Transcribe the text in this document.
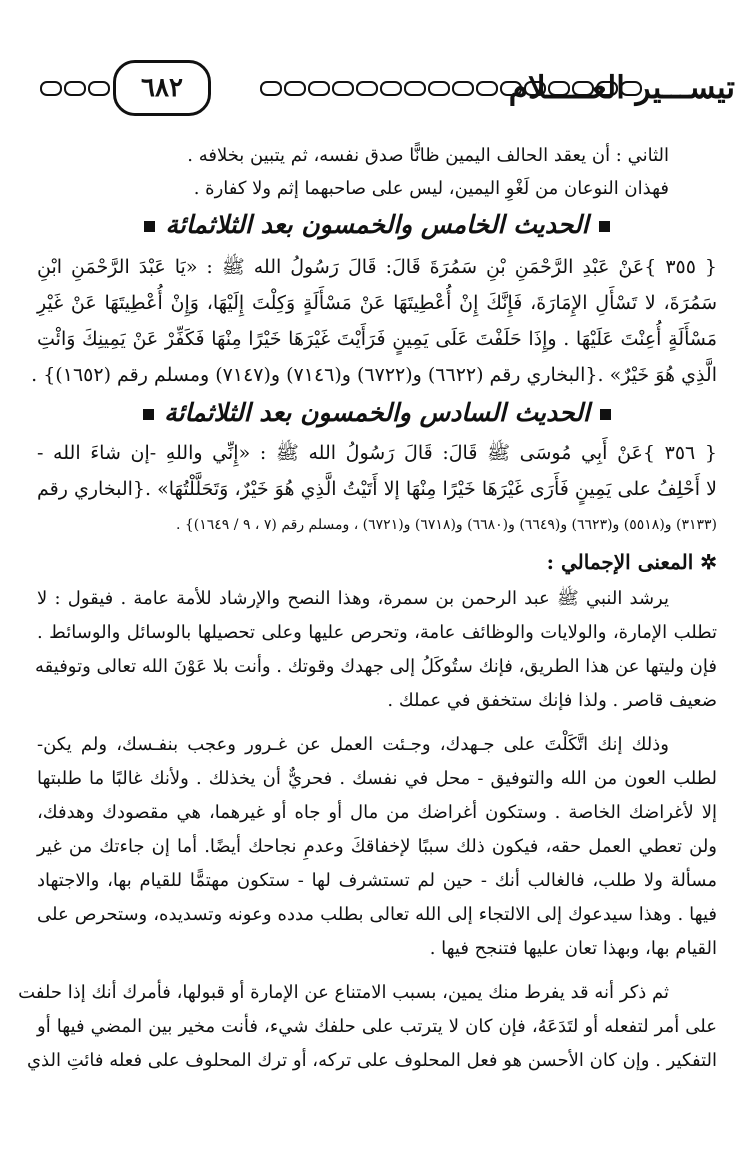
تيســـير العـــــلام
٦٨٢
الثاني : أن يعقد الحالف اليمين ظانًّا صدق نفسه، ثم يتبين بخلافه .
فهذان النوعان من لَغْوِ اليمين، ليس على صاحبهما إثم ولا كفارة .
الحديث الخامس والخمسون بعد الثلاثمائة
{ ٣٥٥ }عَنْ عَبْدِ الرَّحْمَنِ بْنِ سَمُرَةَ قَالَ: قَالَ رَسُولُ الله ﷺ : «يَا عَبْدَ الرَّحْمَنِ ابْنِ
سَمُرَةَ، لا تَسْأَلِ الإِمَارَةَ، فَإِنَّكَ إِنْ أُعْطِيتَهَا عَنْ مَسْأَلَةٍ وَكِلْتَ إِلَيْهَا، وَإِنْ أُعْطِيتَهَا عَنْ غَيْرِ
مَسْأَلَةٍ أُعِنْتَ عَلَيْهَا . وإِذَا حَلَفْتَ عَلَى يَمِينٍ فَرَأَيْتَ غَيْرَهَا خَيْرًا مِنْهَا فَكَفِّرْ عَنْ يَمِينِكَ وَائْتِ
الَّذِي هُوَ خَيْرٌ» .{البخاري رقم (٦٦٢٢) و(٦٧٢٢) و(٧١٤٦) و(٧١٤٧) ومسلم رقم (١٦٥٢)} .
الحديث السادس والخمسون بعد الثلاثمائة
{ ٣٥٦ }عَنْ أَبِي مُوسَى ﷺ قَالَ: قَالَ رَسُولُ الله ﷺ : «إِنِّي واللهِ -إن شاءَ الله -
لا أَحْلِفُ على يَمِينٍ فَأَرَى غَيْرَهَا خَيْرًا مِنْهَا إلا أَتَيْتُ الَّذِي هُوَ خَيْرٌ، وَتَحَلَّلْتُهَا» .{البخاري رقم
(٣١٣٣) و(٥٥١٨) و(٦٦٢٣) و(٦٦٤٩) و(٦٦٨٠) و(٦٧١٨) و(٦٧٢١) ، ومسلم رقم (٧ ، ٩ / ١٦٤٩)} .
✲ المعنى الإجمالي :
يرشد النبي ﷺ عبد الرحمن بن سمرة، وهذا النصح والإرشاد للأمة عامة . فيقول : لا
تطلب الإمارة، والولايات والوظائف عامة، وتحرص عليها وعلى تحصيلها بالوسائل والوسائط .
فإن وليتها عن هذا الطريق، فإنك ستُوكَلُ إلى جهدك وقوتك . وأنت بلا عَوْنَ الله تعالى وتوفيقه
ضعيف قاصر . ولذا فإنك ستخفق في عملك .
وذلك إنك اتَّكَلْتَ على جـهدك، وجـئت العمل عن غـرور وعجب بنفـسك، ولم يكن-
لطلب العون من الله والتوفيق - محل في نفسك . فحريٌّ أن يخذلك . ولأنك غالبًا ما طلبتها
إلا لأغراضك الخاصة . وستكون أغراضك من مال أو جاه أو غيرهما، هي مقصودك وهدفك،
ولن تعطي العمل حقه، فيكون ذلك سببًا لإخفاقكَ وعدمِ نجاحك أيضًا. أما إن جاءتك من غير
مسألة ولا طلب، فالغالب أنك - حين لم تستشرف لها - ستكون مهتمًّا للقيام بها، والاجتهاد
فيها . وهذا سيدعوك إلى الالتجاء إلى الله تعالى بطلب مدده وعونه وتسديده، وستحرص على
القيام بها، وبهذا تعان عليها فتنجح فيها .
ثم ذكر أنه قد يفرط منك يمين، بسبب الامتناع عن الإمارة أو قبولها، فأمرك أنك إذا حلفت
على أمر لتفعله أو لتَدَعَهُ، فإن كان لا يترتب على حلفك شيء، فأنت مخير بين المضي فيها أو
التفكير . وإن كان الأحسن هو فعل المحلوف على تركه، أو ترك المحلوف على فعله فائتِ الذي
